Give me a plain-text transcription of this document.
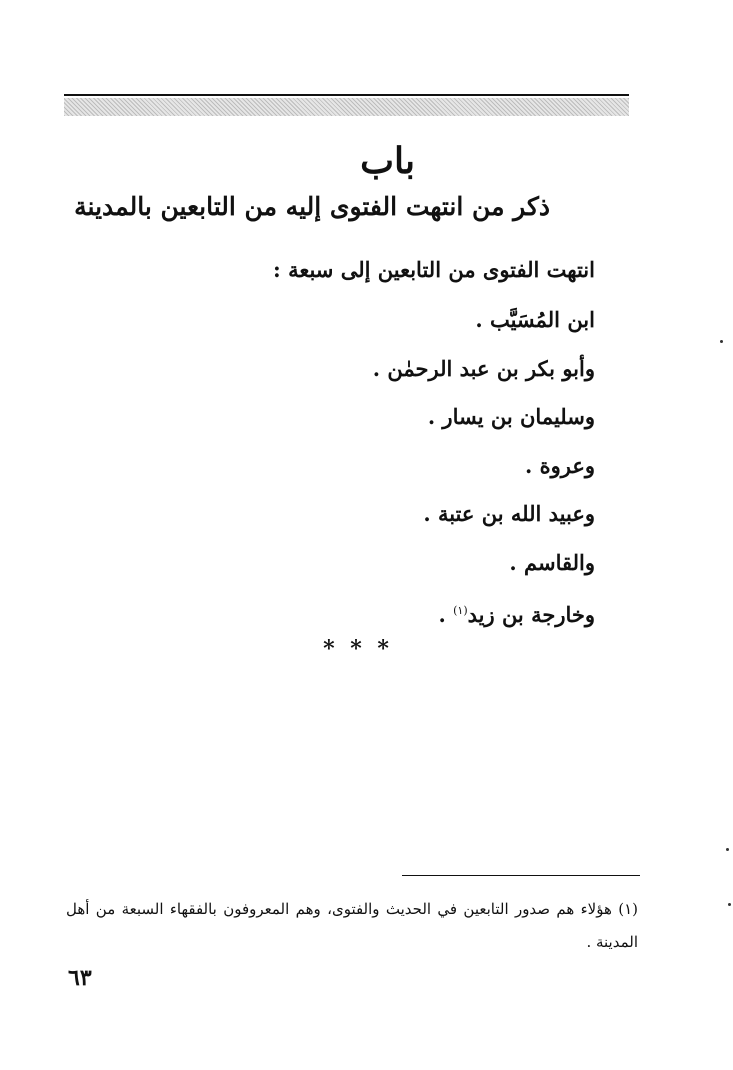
باب
ذكر من انتهت الفتوى إليه من التابعين بالمدينة
انتهت الفتوى من التابعين إلى سبعة :
ابن المُسَيَّب .
وأبو بكر بن عبد الرحمٰن .
وسليمان بن يسار .
وعروة .
وعبيد الله بن عتبة .
والقاسم .
وخارجة بن زيد$^{(١)}$ .
* * *

(١) هؤلاء هم صدور التابعين في الحديث والفتوى، وهم المعروفون بالفقهاء السبعة من أهل المدينة .

٦٣
